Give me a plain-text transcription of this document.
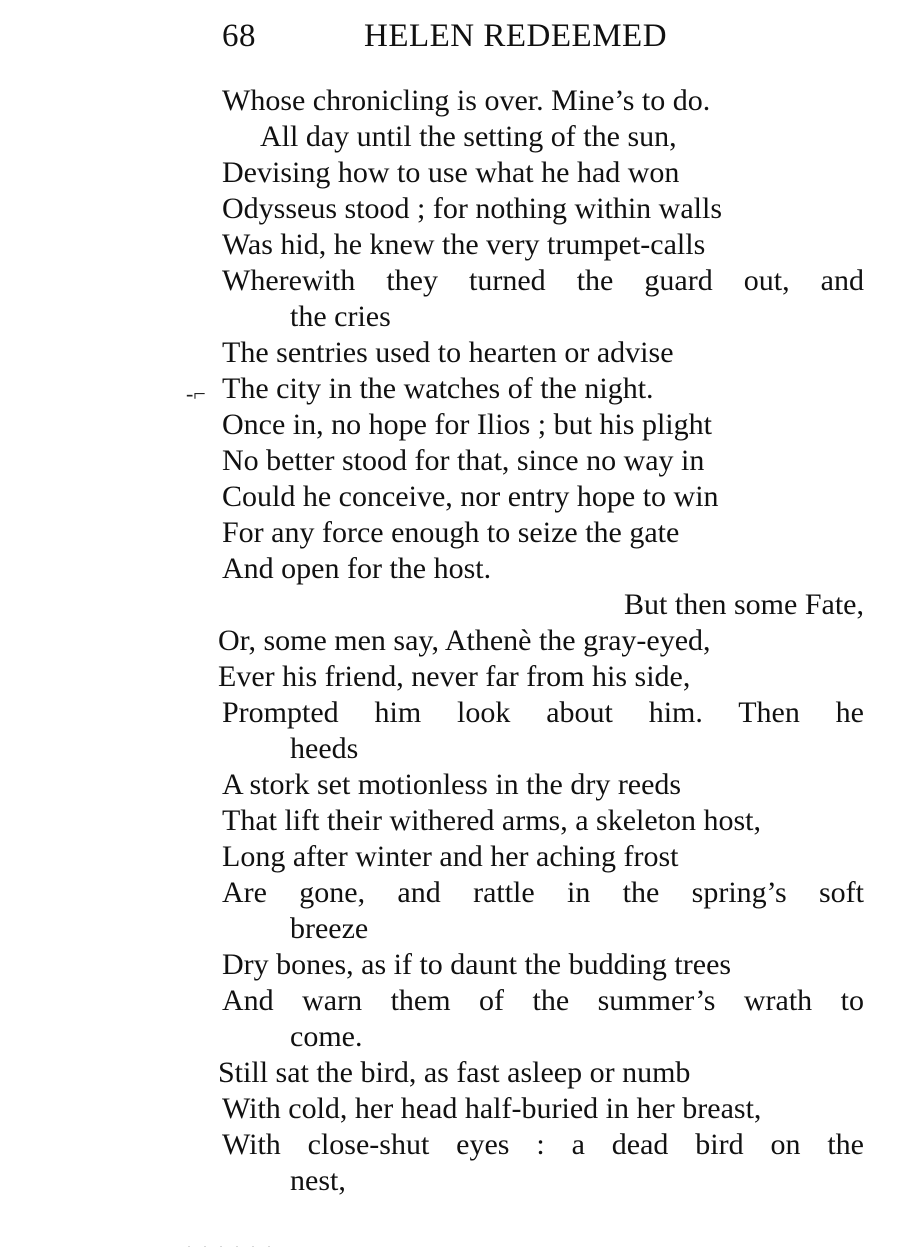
68	HELEN REDEEMED
-⌐
Whose chronicling is over. Mine’s to do.
All day until the setting of the sun,
Devising how to use what he had won
Odysseus stood ; for nothing within walls
Was hid, he knew the very trumpet-calls
Wherewith they turned the guard out, and
the cries
The sentries used to hearten or advise
The city in the watches of the night.
Once in, no hope for Ilios ; but his plight
No better stood for that, since no way in
Could he conceive, nor entry hope to win
For any force enough to seize the gate
And open for the host.
But then some Fate,
Or, some men say, Athenè the gray-eyed,
Ever his friend, never far from his side,
Prompted him look about him. Then he
heeds
A stork set motionless in the dry reeds
That lift their withered arms, a skeleton host,
Long after winter and her aching frost
Are gone, and rattle in the spring’s soft
breeze
Dry bones, as if to daunt the budding trees
And warn them of the summer’s wrath to
come.
Still sat the bird, as fast asleep or numb
With cold, her head half-buried in her breast,
With close-shut eyes : a dead bird on the
nest,
. . . . . .
